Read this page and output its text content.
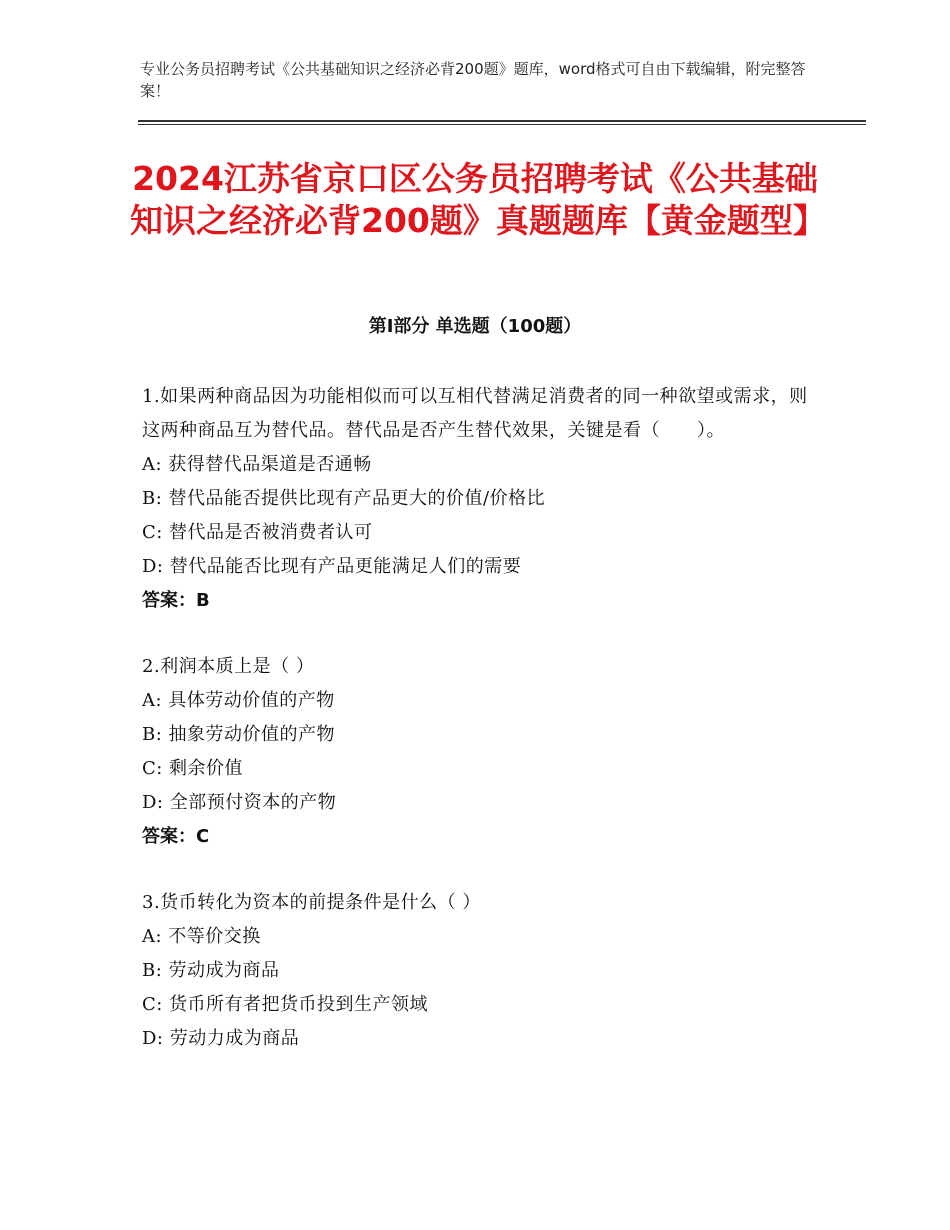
专业公务员招聘考试《公共基础知识之经济必背200题》题库，word格式可自由下载编辑，附完整答案！
2024江苏省京口区公务员招聘考试《公共基础知识之经济必背200题》真题题库【黄金题型】
第Ⅰ部分 单选题（100题）
1.如果两种商品因为功能相似而可以互相代替满足消费者的同一种欲望或需求，则这两种商品互为替代品。替代品是否产生替代效果，关键是看（　　）。
A: 获得替代品渠道是否通畅
B: 替代品能否提供比现有产品更大的价值/价格比
C: 替代品是否被消费者认可
D: 替代品能否比现有产品更能满足人们的需要
答案：B
2.利润本质上是（ ）
A: 具体劳动价值的产物
B: 抽象劳动价值的产物
C: 剩余价值
D: 全部预付资本的产物
答案：C
3.货币转化为资本的前提条件是什么（ ）
A: 不等价交换
B: 劳动成为商品
C: 货币所有者把货币投到生产领域
D: 劳动力成为商品
